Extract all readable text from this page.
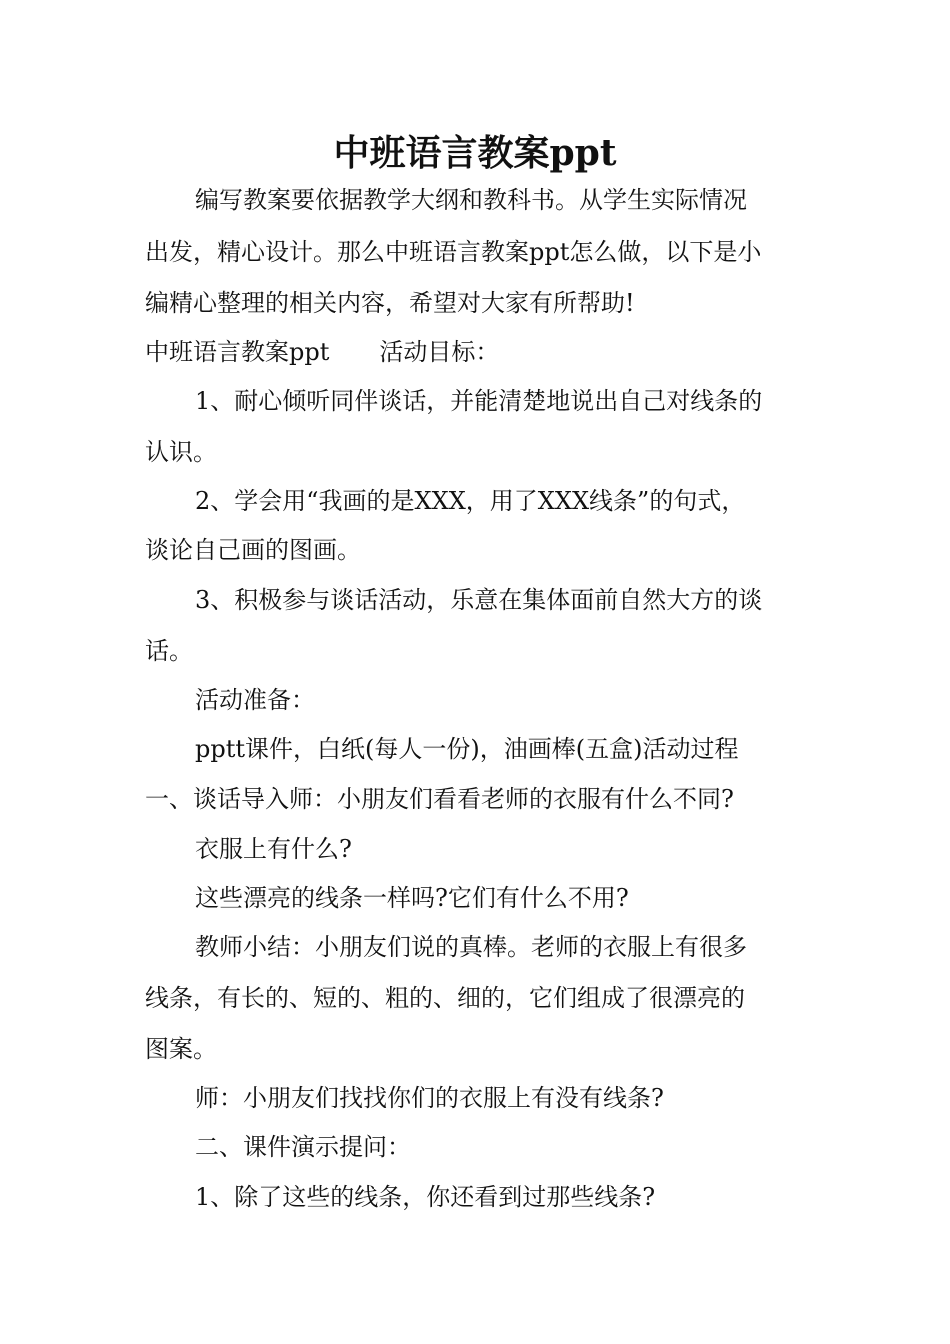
中班语言教案ppt
编写教案要依据教学大纲和教科书。从学生实际情况
出发，精心设计。那么中班语言教案ppt怎么做，以下是小
编精心整理的相关内容，希望对大家有所帮助!
中班语言教案ppt 活动目标：
1、耐心倾听同伴谈话，并能清楚地说出自己对线条的
认识。
2、学会用“我画的是XXX，用了XXX线条”的句式，
谈论自己画的图画。
3、积极参与谈话活动，乐意在集体面前自然大方的谈
话。
活动准备：
pptt课件，白纸(每人一份)，油画棒(五盒)活动过程
一、谈话导入师：小朋友们看看老师的衣服有什么不同?
衣服上有什么?
这些漂亮的线条一样吗?它们有什么不用?
教师小结：小朋友们说的真棒。老师的衣服上有很多
线条，有长的、短的、粗的、细的，它们组成了很漂亮的
图案。
师：小朋友们找找你们的衣服上有没有线条?
二、课件演示提问：
1、除了这些的线条，你还看到过那些线条?
